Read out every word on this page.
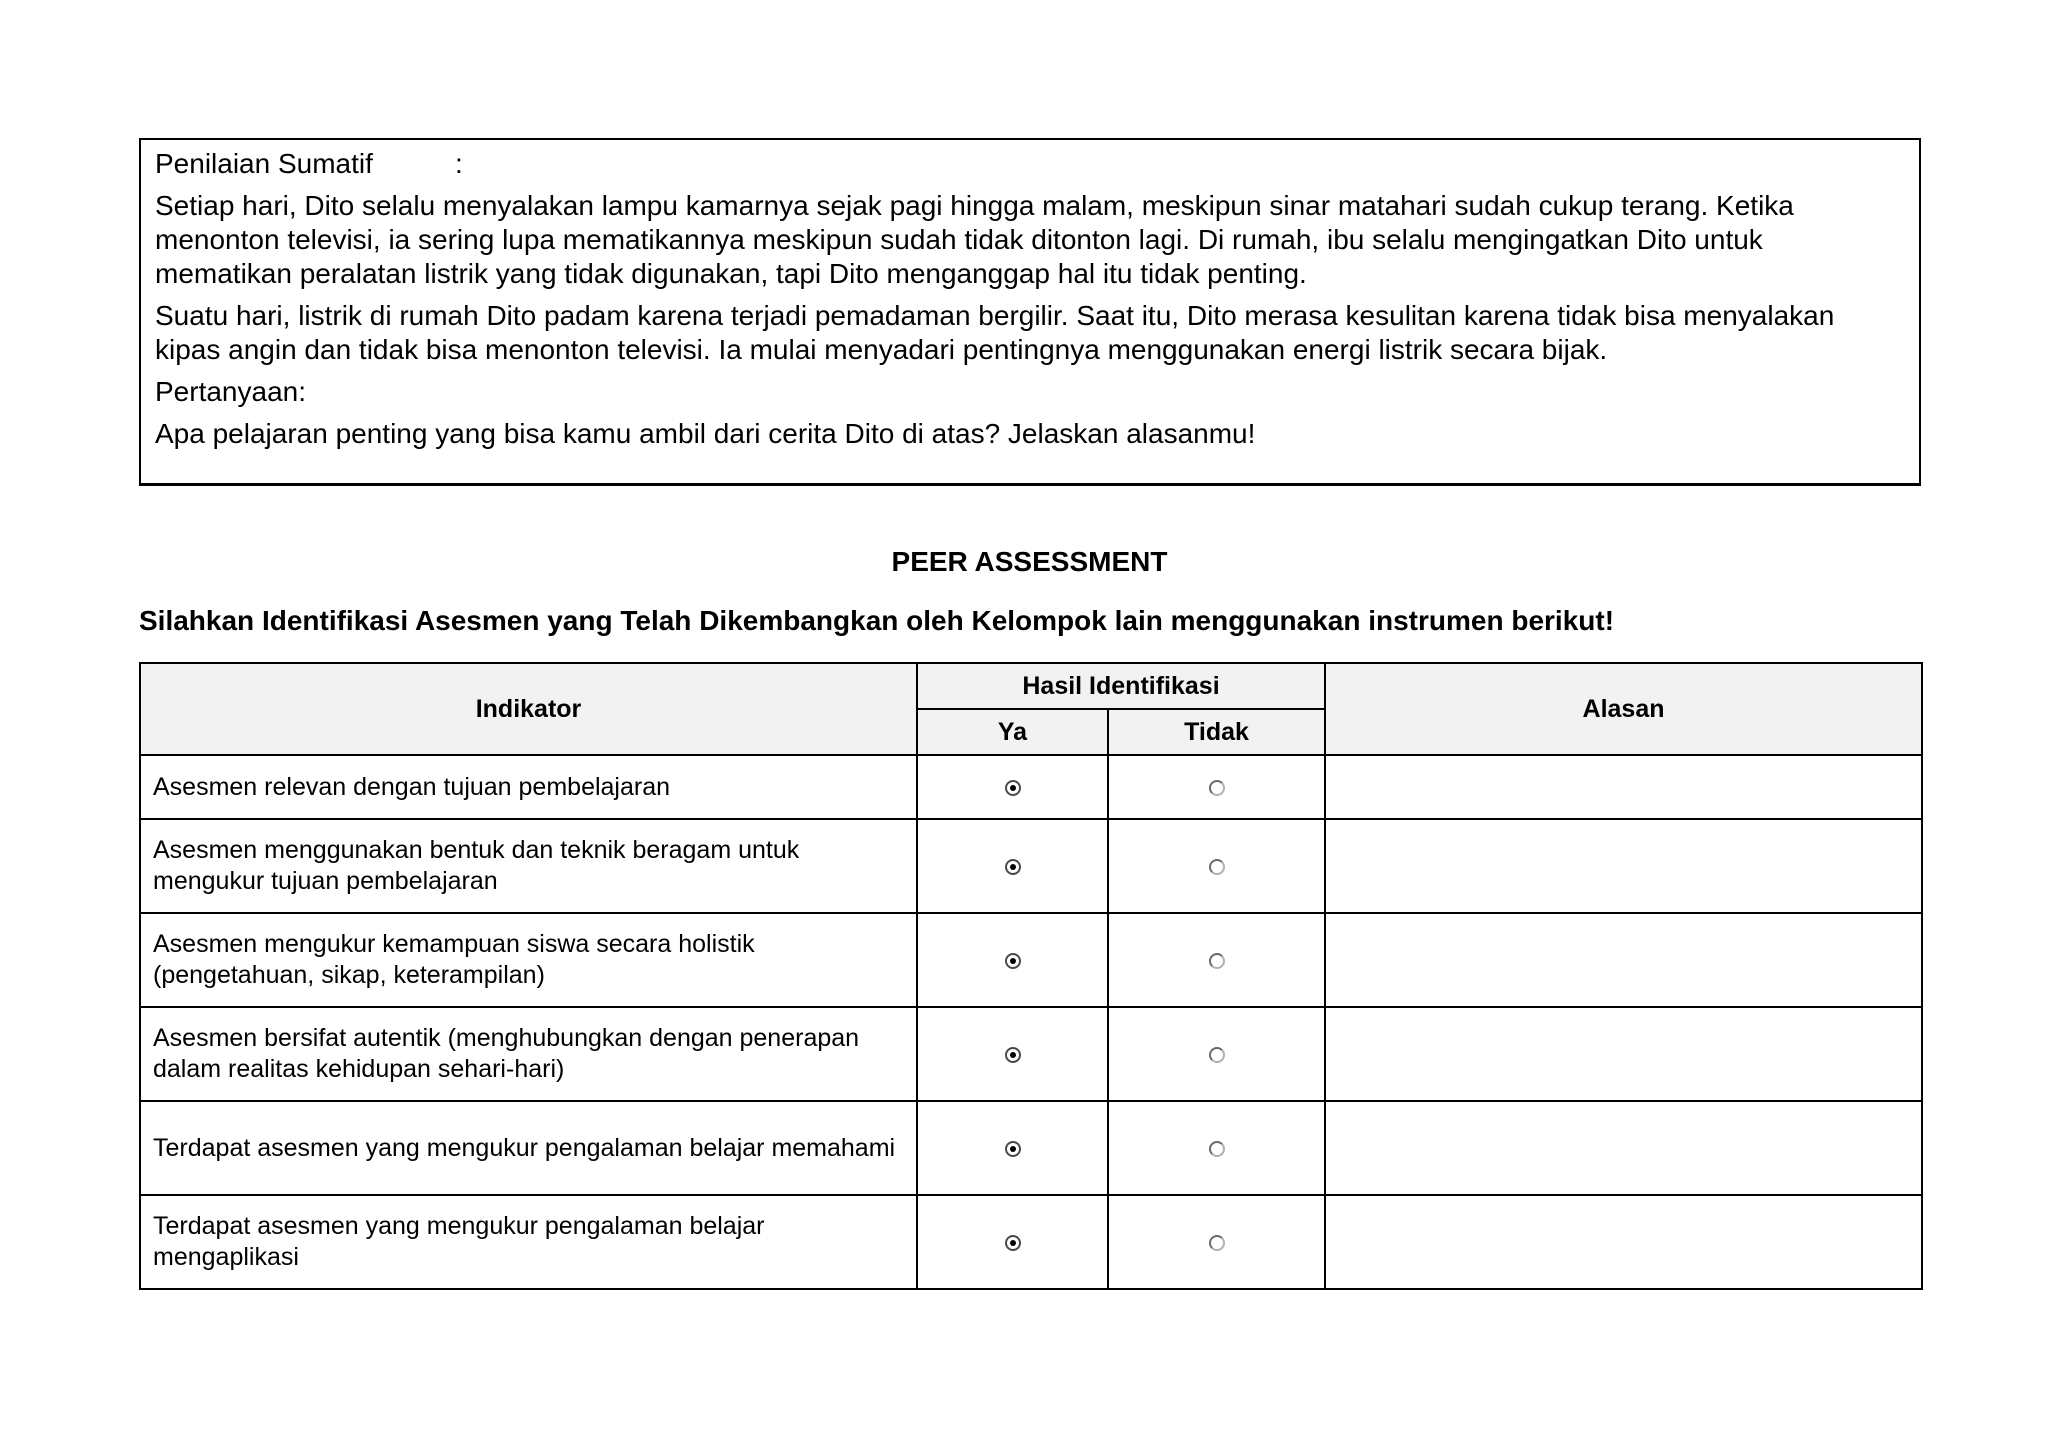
Penilaian Sumatif	:

Setiap hari, Dito selalu menyalakan lampu kamarnya sejak pagi hingga malam, meskipun sinar matahari sudah cukup terang. Ketika menonton televisi, ia sering lupa mematikannya meskipun sudah tidak ditonton lagi. Di rumah, ibu selalu mengingatkan Dito untuk mematikan peralatan listrik yang tidak digunakan, tapi Dito menganggap hal itu tidak penting.

Suatu hari, listrik di rumah Dito padam karena terjadi pemadaman bergilir. Saat itu, Dito merasa kesulitan karena tidak bisa menyalakan kipas angin dan tidak bisa menonton televisi. Ia mulai menyadari pentingnya menggunakan energi listrik secara bijak.

Pertanyaan:

Apa pelajaran penting yang bisa kamu ambil dari cerita Dito di atas? Jelaskan alasanmu!

PEER ASSESSMENT
Silahkan Identifikasi Asesmen yang Telah Dikembangkan oleh Kelompok lain menggunakan instrumen berikut!
Indikator	Hasil Identifikasi		Alasan
	Ya	Tidak	
Asesmen relevan dengan tujuan pembelajaran			
Asesmen menggunakan bentuk dan teknik beragam untuk mengukur tujuan pembelajaran			
Asesmen mengukur kemampuan siswa secara holistik (pengetahuan, sikap, keterampilan)			
Asesmen bersifat autentik (menghubungkan dengan penerapan dalam realitas kehidupan sehari-hari)			
Terdapat asesmen yang mengukur pengalaman belajar memahami			
Terdapat asesmen yang mengukur pengalaman belajar mengaplikasi			
